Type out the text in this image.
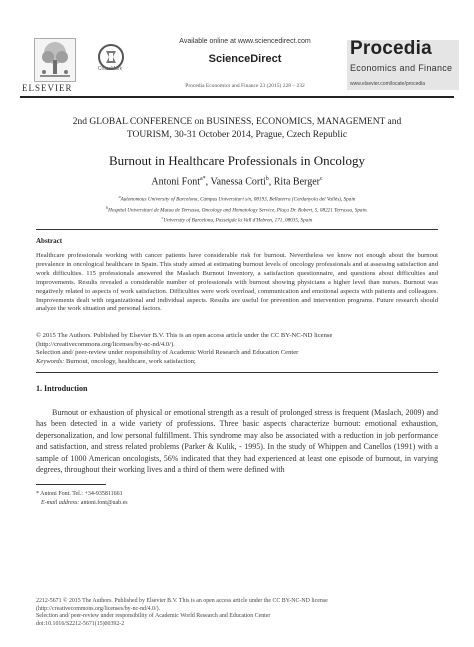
ELSEVIER
CrossMark
Available online at www.sciencedirect.com
ScienceDirect
Procedia Economics and Finance 23 (2015) 228 – 232
Procedia
Economics and Finance
www.elsevier.com/locate/procedia
2nd GLOBAL CONFERENCE on BUSINESS, ECONOMICS, MANAGEMENT and
TOURISM, 30-31 October 2014, Prague, Czech Republic
Burnout in Healthcare Professionals in Oncology
Antoni Font$^{a*}$, Vanessa Corti$^b$, Rita Berger$^c$
$^a$Autonomous University of Barcelona, Campus Universitari s/n, 08193, Bellaterra (Cerdanyola del Vallès), Spain
$^b$Hospital Universitari de Mutua de Terrassa, Oncology and Hematology Service, Plaça Dr. Robert, 5, 08221 Terrassa, Spain.
$^c$University of Barcelona, Passeigde la Vall d'Hebron, 171, 08035, Spain
Abstract
Healthcare professionals working with cancer patients have considerable risk for burnout. Nevertheless we know not enough about the burnout prevalence in oncological healthcare in Spain. This study aimed at estimating burnout levels of oncology professionals and at assessing satisfaction and work difficulties. 115 professionals answered the Maslach Burnout Inventory, a satisfaction questionnaire, and questions about difficulties and improvements. Results revealed a considerable number of professionals with burnout showing physicians a higher level than nurses. Burnout was negatively related to aspects of work satisfaction. Difficulties were work overload, communication and emotional aspects with patients and colleagues. Improvements dealt with organizational and individual aspects. Results are useful for prevention and intervention programs. Future research should analyze the work situation and personal factors.
© 2015 The Authors. Published by Elsevier B.V. This is an open access article under the CC BY-NC-ND license (http://creativecommons.org/licenses/by-nc-nd/4.0/).
Selection and/ peer-review under responsibility of Academic World Research and Education Center
Keywords: Burnout, oncology, healthcare, work satisfaction;
1. Introduction
Burnout or exhaustion of physical or emotional strength as a result of prolonged stress is frequent (Maslach, 2009) and has been detected in a wide variety of professions. Three basic aspects characterize burnout: emotional exhaustion, depersonalization, and low personal fulfillment. This syndrome may also be associated with a reduction in job performance and satisfaction, and stress related problems (Parker & Kulik, - 1995). In the study of Whippen and Canellos (1991) with a sample of 1000 American oncologists, 56% indicated that they had experienced at least one episode of burnout, in varying degrees, throughout their working lives and a third of them were defined with
* Antoni Font. Tel.: +34-935811661
E-mail address: antoni.font@uab.es
2212-5671 © 2015 The Authors. Published by Elsevier B.V. This is an open access article under the CC BY-NC-ND license
(http://creativecommons.org/licenses/by-nc-nd/4.0/).
Selection and/ peer-review under responsibility of Academic World Research and Education Center
doi:10.1016/S2212-5671(15)00392-2
